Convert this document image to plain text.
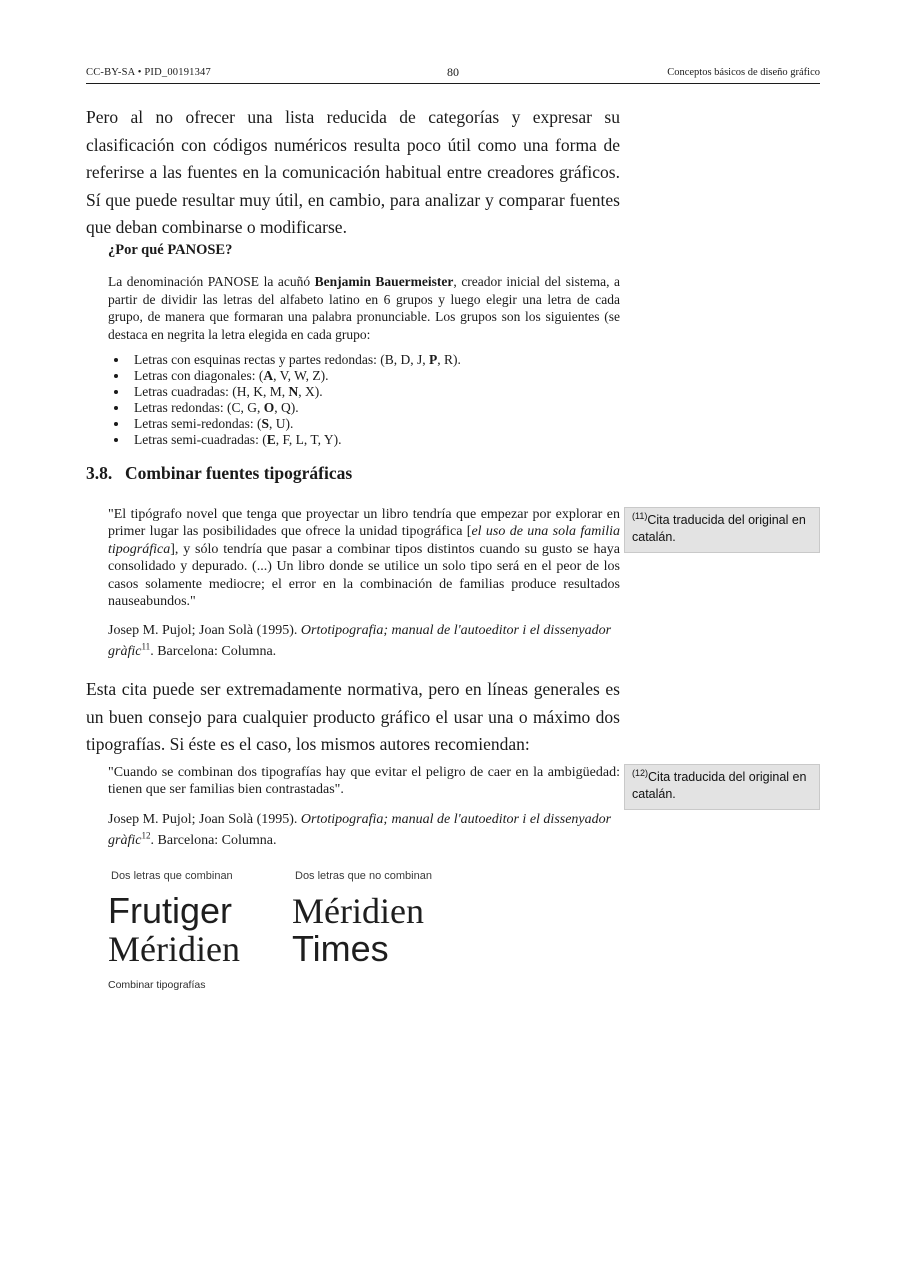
CC-BY-SA • PID_00191347	80	Conceptos básicos de diseño gráfico

Pero al no ofrecer una lista reducida de categorías y expresar su clasificación con códigos numéricos resulta poco útil como una forma de referirse a las fuentes en la comunicación habitual entre creadores gráficos. Sí que puede resultar muy útil, en cambio, para analizar y comparar fuentes que deban combinarse o modificarse.

¿Por qué PANOSE?

La denominación PANOSE la acuñó Benjamin Bauermeister, creador inicial del sistema, a partir de dividir las letras del alfabeto latino en 6 grupos y luego elegir una letra de cada grupo, de manera que formaran una palabra pronunciable. Los grupos son los siguientes (se destaca en negrita la letra elegida en cada grupo:

• Letras con esquinas rectas y partes redondas: (B, D, J, P, R).
• Letras con diagonales: (A, V, W, Z).
• Letras cuadradas: (H, K, M, N, X).
• Letras redondas: (C, G, O, Q).
• Letras semi-redondas: (S, U).
• Letras semi-cuadradas: (E, F, L, T, Y).
3.8. Combinar fuentes tipográficas

"El tipógrafo novel que tenga que proyectar un libro tendría que empezar por explorar en primer lugar las posibilidades que ofrece la unidad tipográfica [el uso de una sola familia tipográfica], y sólo tendría que pasar a combinar tipos distintos cuando su gusto se haya consolidado y depurado. (...) Un libro donde se utilice un solo tipo será en el peor de los casos solamente mediocre; el error en la combinación de familias produce resultados nauseabundos."

Josep M. Pujol; Joan Solà (1995). Ortotipografia; manual de l'autoeditor i el dissenyador gràfic$^{11}$. Barcelona: Columna.

$^{(11)}$Cita traducida del original en catalán.

Esta cita puede ser extremadamente normativa, pero en líneas generales es un buen consejo para cualquier producto gráfico el usar una o máximo dos tipografías. Si éste es el caso, los mismos autores recomiendan:

"Cuando se combinan dos tipografías hay que evitar el peligro de caer en la ambigüedad: tienen que ser familias bien contrastadas".

Josep M. Pujol; Joan Solà (1995). Ortotipografia; manual de l'autoeditor i el dissenyador gràfic$^{12}$. Barcelona: Columna.

$^{(12)}$Cita traducida del original en catalán.
Dos letras que combinan
Frutiger
Méridien
Dos letras que no combinan
Méridien
Times
Combinar tipografías
